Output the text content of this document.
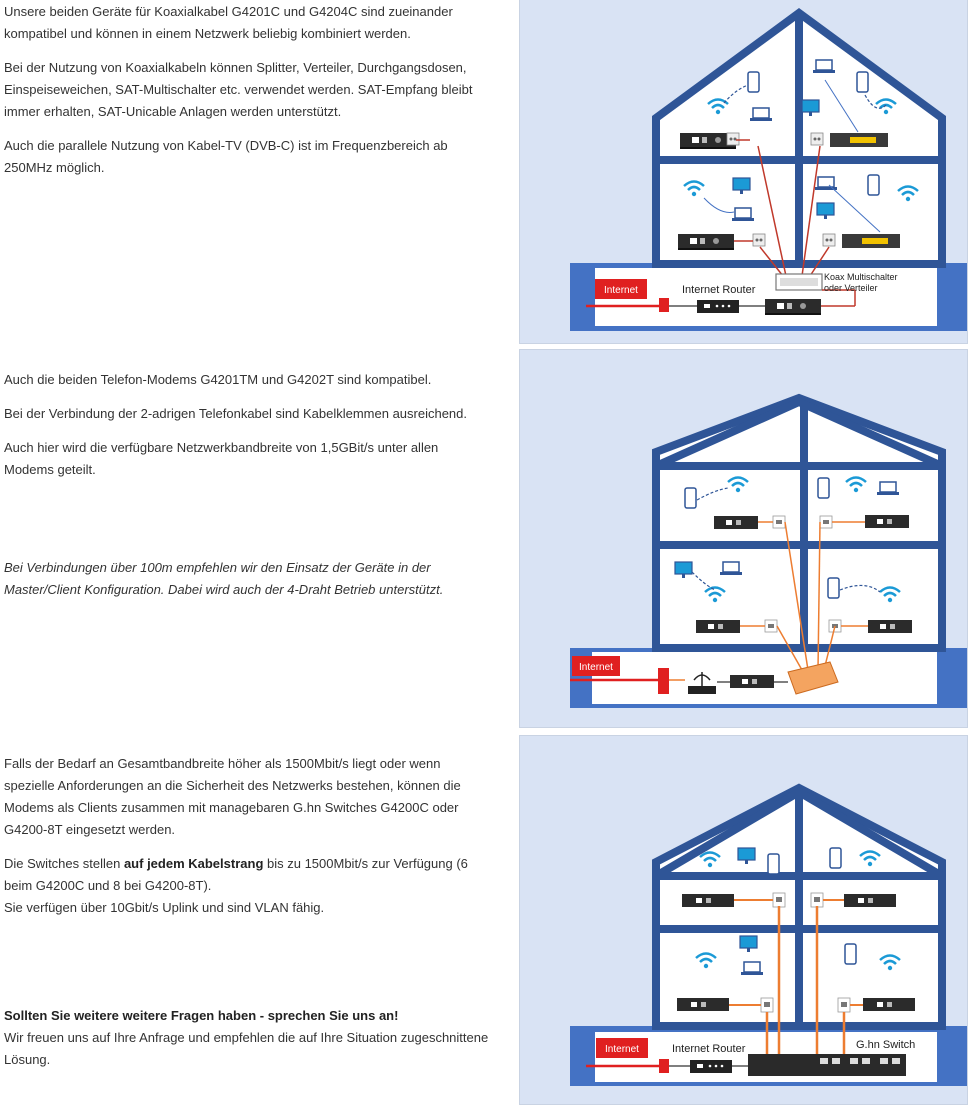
Unsere beiden Geräte für Koaxialkabel G4201C und G4204C sind zueinander kompatibel und können in einem Netzwerk beliebig kombiniert werden.

Bei der Nutzung von Koaxialkabeln können Splitter, Verteiler, Durchgangsdosen, Einspeiseweichen, SAT-Multischalter etc. verwendet werden. SAT-Empfang bleibt immer erhalten, SAT-Unicable Anlagen werden unterstützt.

Auch die parallele Nutzung von Kabel-TV (DVB-C) ist im Frequenzbereich ab 250MHz möglich.

Auch die beiden Telefon-Modems G4201TM und G4202T sind kompatibel.

Bei der Verbindung der 2-adrigen Telefonkabel sind Kabelklemmen ausreichend.

Auch hier wird die verfügbare Netzwerkbandbreite von 1,5GBit/s unter allen Modems geteilt.

Bei Verbindungen über 100m empfehlen wir den Einsatz der Geräte in der Master/Client Konfiguration. Dabei wird auch der 4-Draht Betrieb unterstützt.

Falls der Bedarf an Gesamtbandbreite höher als 1500Mbit/s liegt oder wenn spezielle Anforderungen an die Sicherheit des Netzwerks bestehen, können die Modems als Clients zusammen mit managebaren G.hn Switches G4200C oder G4200-8T eingesetzt werden.

Die Switches stellen auf jedem Kabelstrang bis zu 1500Mbit/s zur Verfügung (6 beim G4200C und 8 bei G4200-8T).
Sie verfügen über 10Gbit/s Uplink und sind VLAN fähig.

Sollten Sie weitere weitere Fragen haben - sprechen Sie uns an!
Wir freuen uns auf Ihre Anfrage und empfehlen die auf Ihre Situation zugeschnittene Lösung.
Internet	Internet Router
Koax Multischalter
oder Verteiler
Internet
Internet	Internet Router	G.hn Switch
